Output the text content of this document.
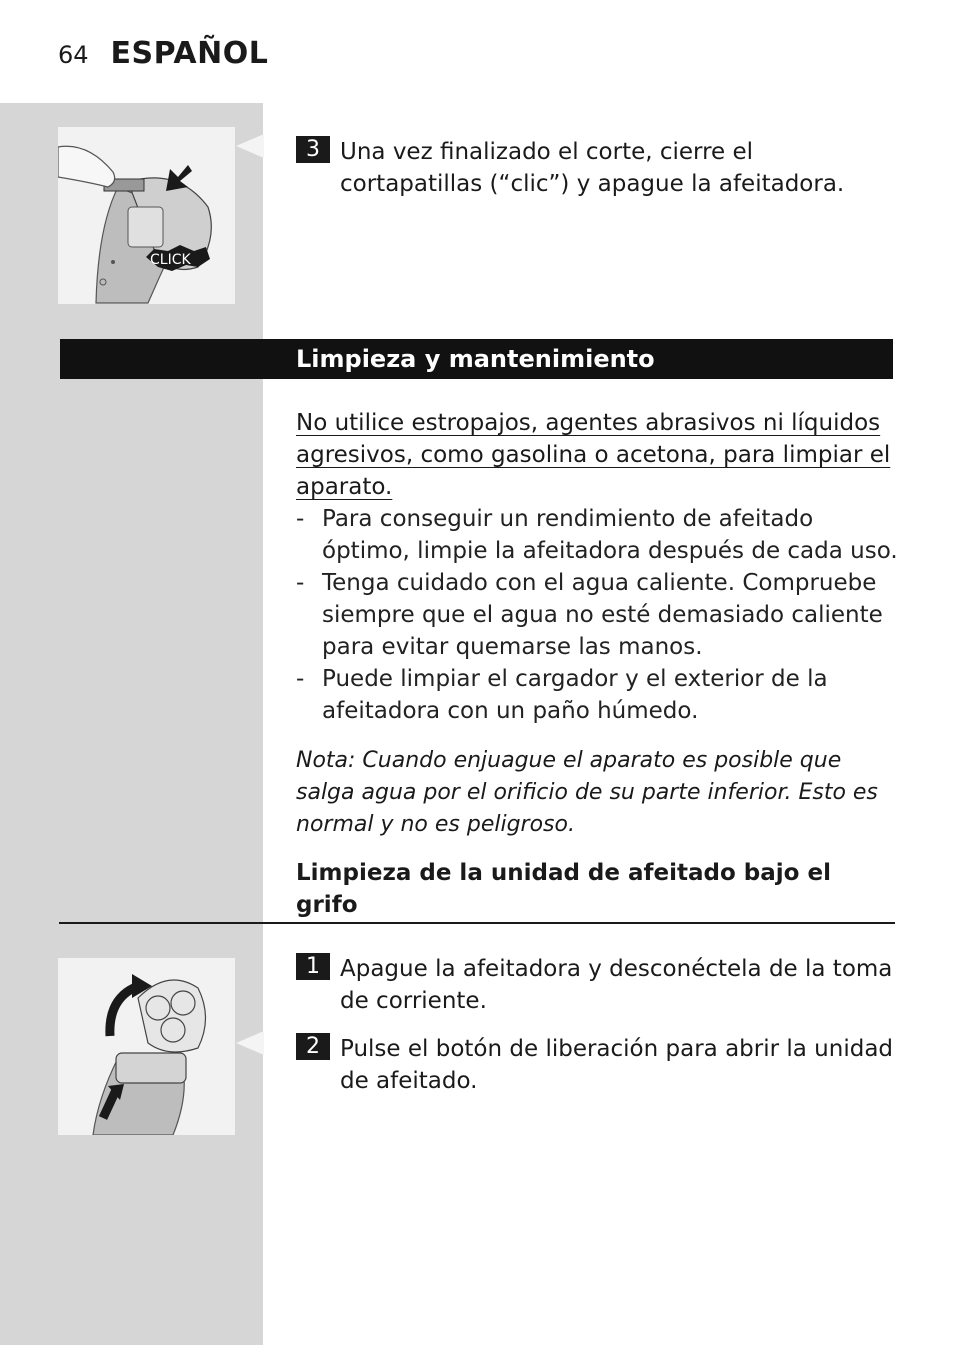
64 ESPAÑOL
CLICK
3 Una vez finalizado el corte, cierre el cortapatillas (“clic”) y apague la afeitadora.
Limpieza y mantenimiento
No utilice estropajos, agentes abrasivos ni líquidos
agresivos, como gasolina o acetona, para limpiar el
aparato.
- Para conseguir un rendimiento de afeitado óptimo, limpie la afeitadora después de cada uso.
- Tenga cuidado con el agua caliente. Compruebe siempre que el agua no esté demasiado caliente para evitar quemarse las manos.
- Puede limpiar el cargador y el exterior de la afeitadora con un paño húmedo.
Nota: Cuando enjuague el aparato es posible que salga agua por el orificio de su parte inferior. Esto es normal y no es peligroso.
Limpieza de la unidad de afeitado bajo el grifo
1 Apague la afeitadora y desconéctela de la toma de corriente.
2 Pulse el botón de liberación para abrir la unidad de afeitado.
